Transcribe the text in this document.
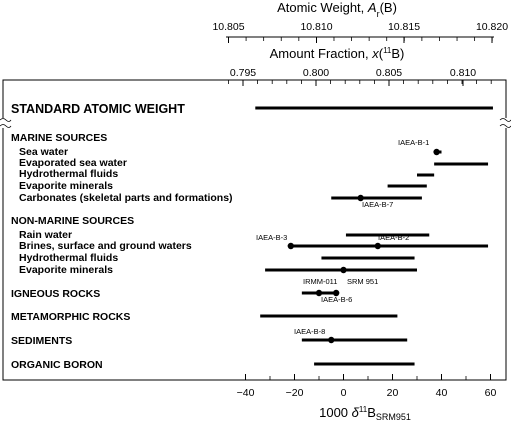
Atomic Weight, $A_r(B)$
10.805	10.810	10.815	10.820
Amount Fraction, x($^{11}$B)
0.795	0.800	0.805	0.810
−40	−20	0	20	40	60
1000 $\delta^{11}B_{SRM951}$
STANDARD ATOMIC WEIGHT
MARINE SOURCES
Sea water
Evaporated sea water
Hydrothermal fluids
Evaporite minerals
Carbonates (skeletal parts and formations)
NON-MARINE SOURCES
Rain water
Brines, surface and ground waters
Hydrothermal fluids
Evaporite minerals
IGNEOUS ROCKS
METAMORPHIC ROCKS
SEDIMENTS
ORGANIC BORON
IAEA-B-1
IAEA-B-7
IAEA-B-3	IAEA-B-2
IRMM-011 SRM 951
IAEA-B-6
IAEA-B-8
